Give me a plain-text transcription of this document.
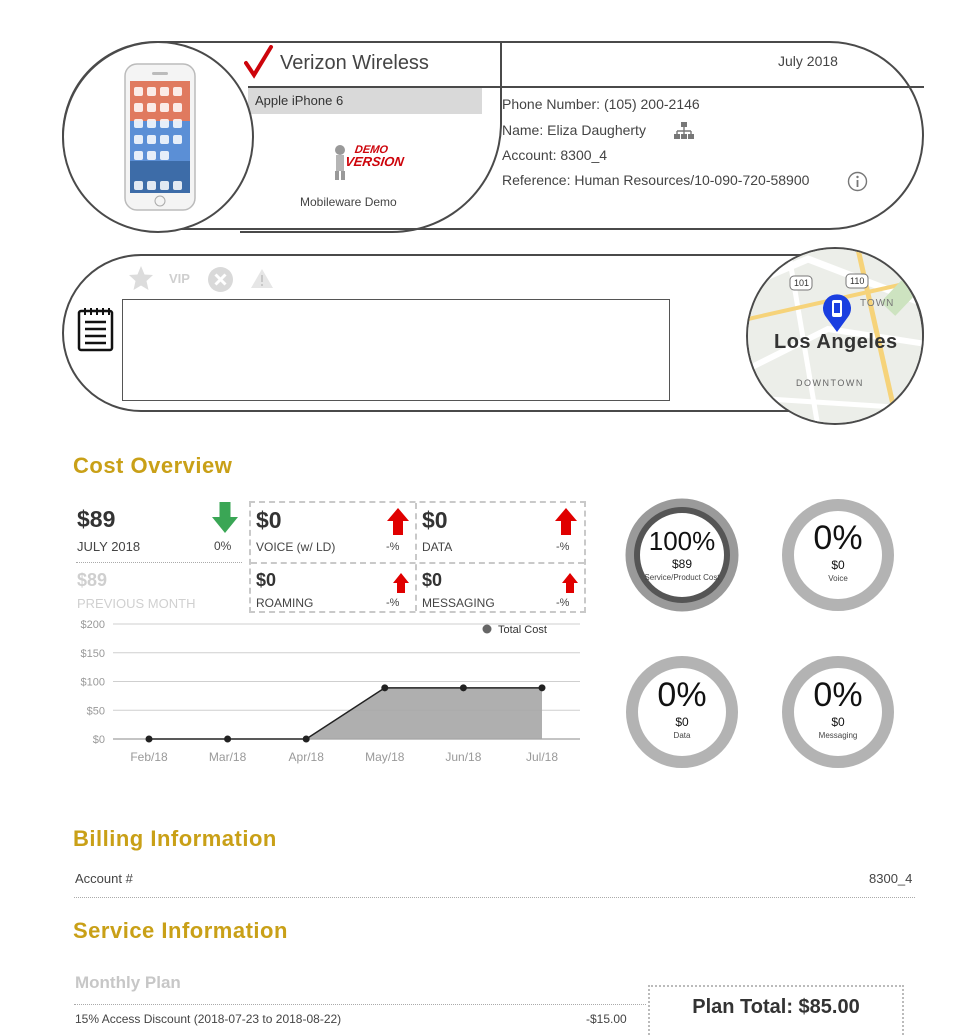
Apple iPhone 6
Verizon Wireless	July 2018
DEMO
VERSION
Mobileware Demo
Phone Number: (105) 200-2146
Name: Eliza Daugherty
Account: 8300_4
Reference: Human Resources/10-090-720-58900
VIP	101	110
TOWN
Los Angeles
DOWNTOWN
Cost Overview
$89
JULY 2018	0%
$89
PREVIOUS MONTH
$0
VOICE (w/ LD)	-%
$0
DATA	-%
$0
ROAMING	-%
$0
MESSAGING	-%
$0
$50
$100
$150
$200
Feb/18	Mar/18	Apr/18	May/18	Jun/18	Jul/18
Total Cost
100%
$89
Service/Product Cost
0%
$0
Voice
0%
$0
Data
0%
$0
Messaging
Billing Information
Account #	8300_4
Service Information
Monthly Plan
15% Access Discount (2018-07-23 to 2018-08-22)	-$15.00
Plan Total: $85.00
